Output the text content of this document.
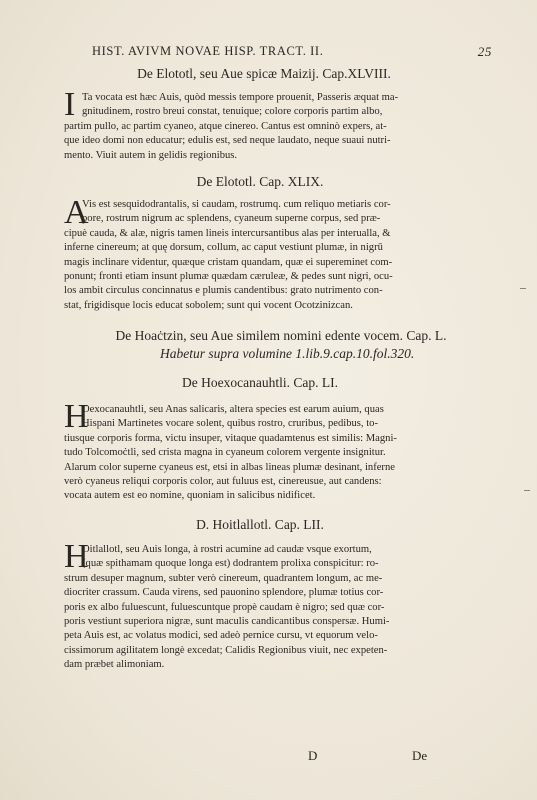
HIST. AVIVM NOVAE HISP. TRACT. II.	25
De Elototl, seu Aue spicæ Maizij. Cap.XLVIII.
I Ta vocata est hæc Auis, quòd messis tempore prouenit, Passeris æquat ma-
gnitudinem, rostro breui constat, tenuique; colore corporis partim albo,
partim pullo, ac partim cyaneo, atque cinereo. Cantus est omninò expers, at-
que ideo domi non educatur; edulis est, sed neque laudato, neque suaui nutri-
mento. Viuit autem in gelidis regionibus.
De Elototl. Cap. XLIX.
A
Vis est sesquidodrantalis, si caudam, rostrumq. cum reliquo metiaris cor-
pore, rostrum nigrum ac splendens, cyaneum superne corpus, sed præ-
cipuè cauda, & alæ, nigris tamen lineis intercursantibus alas per interualla, &
inferne cinereum; at quę dorsum, collum, ac caput vestiunt plumæ, in nigrū
magis inclinare videntur, quæque cristam quandam, quæ ei supereminet com-
ponunt; fronti etiam insunt plumæ quædam cæruleæ, & pedes sunt nigri, ocu-
los ambit circulus concinnatus e plumis candentibus: grato nutrimento con-
stat, frigidisque locis educat sobolem; sunt qui vocent Ocotzinizcan.
De Hoaċtzin, seu Aue similem nomini edente vocem. Cap. L.
Habetur supra volumine 1.lib.9.cap.10.fol.320.
De Hoexocanauhtli. Cap. LI.
H
Oexocanauhtli, seu Anas salicaris, altera species est earum auium, quas
Hispani Martinetes vocare solent, quibus rostro, cruribus, pedibus, to-
tiusque corporis forma, victu insuper, vitaque quadamtenus est similis: Magni-
tudo Tolcomoċtli, sed crista magna in cyaneum colorem vergente insignitur.
Alarum color superne cyaneus est, etsi in albas lineas plumæ desinant, inferne
verò cyaneus reliqui corporis color, aut fuluus est, cinereusue, aut candens:
vocata autem est eo nomine, quoniam in salicibus nidificet.
D. Hoitlallotl. Cap. LII.
H
Oitlallotl, seu Auis longa, à rostri acumine ad caudæ vsque exortum,
(quæ spithamam quoque longa est) dodrantem prolixa conspicitur: ro-
strum desuper magnum, subter verò cinereum, quadrantem longum, ac me-
diocriter crassum. Cauda virens, sed pauonino splendore, plumæ totius cor-
poris ex albo fuluescunt, fuluescuntque propè caudam è nigro; sed quæ cor-
poris vestiunt superiora nigræ, sunt maculis candicantibus conspersæ. Humi-
peta Auis est, ac volatus modici, sed adeò pernice cursu, vt equorum velo-
cissimorum agilitatem longè excedat; Calidis Regionibus viuit, nec expeten-
dam præbet alimoniam.
D	De
